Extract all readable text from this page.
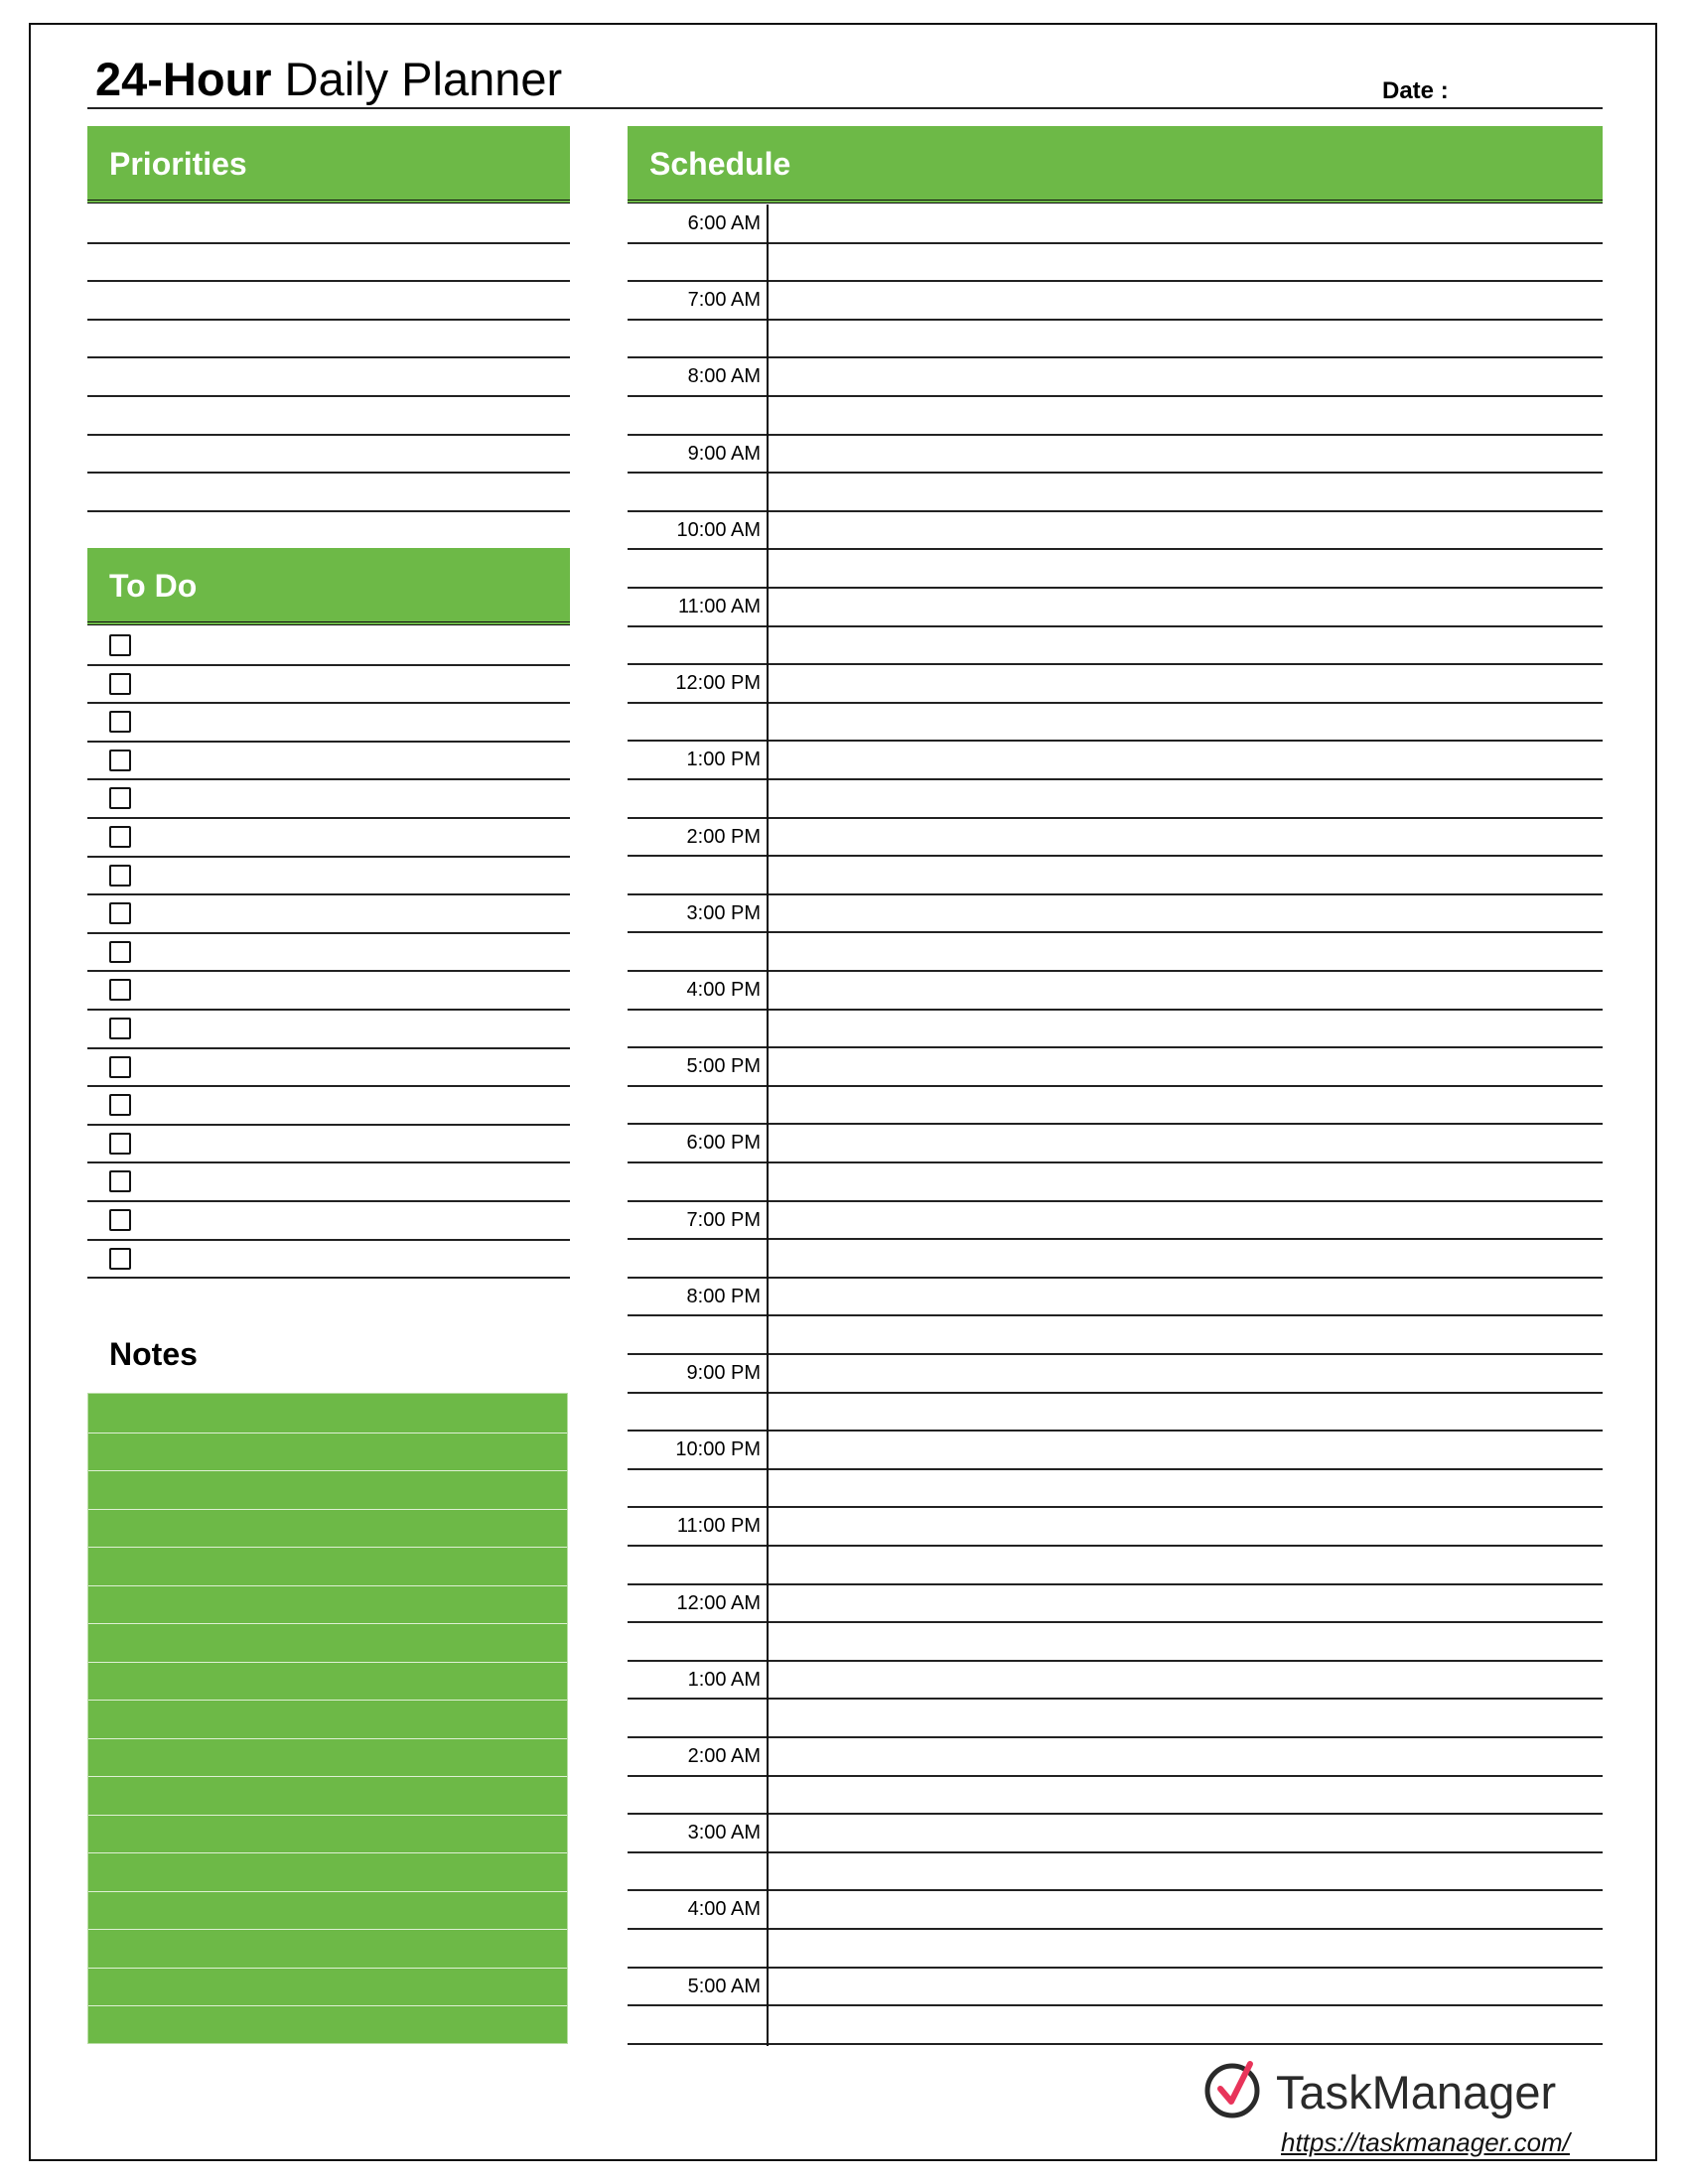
24-Hour Daily Planner	Date :
Priorities
To Do
Notes
Schedule
6:00 AM
7:00 AM
8:00 AM
9:00 AM
10:00 AM
11:00 AM
12:00 PM
1:00 PM
2:00 PM
3:00 PM
4:00 PM
5:00 PM
6:00 PM
7:00 PM
8:00 PM
9:00 PM
10:00 PM
11:00 PM
12:00 AM
1:00 AM
2:00 AM
3:00 AM
4:00 AM
5:00 AM
TaskManager
https://taskmanager.com/
